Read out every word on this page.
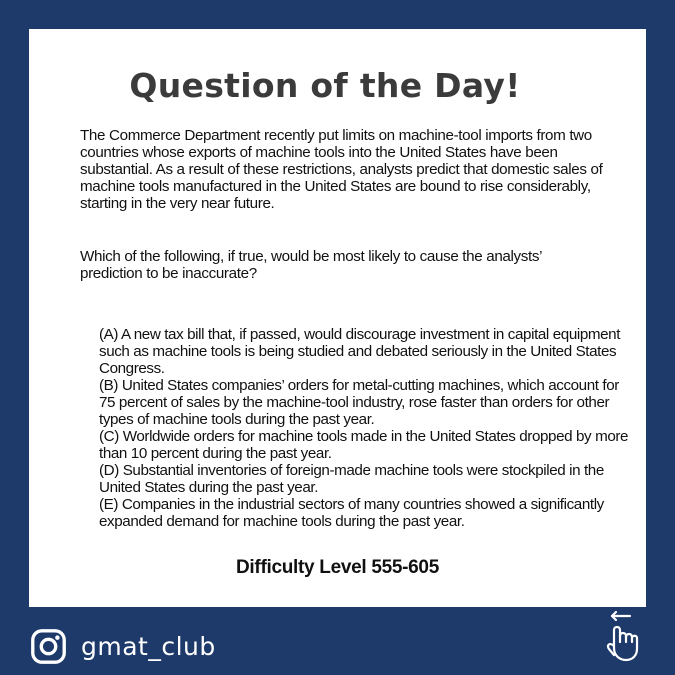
Question of the Day!

The Commerce Department recently put limits on machine-tool imports from two countries whose exports of machine tools into the United States have been substantial. As a result of these restrictions, analysts predict that domestic sales of machine tools manufactured in the United States are bound to rise considerably, starting in the very near future.

Which of the following, if true, would be most likely to cause the analysts’ prediction to be inaccurate?

(A) A new tax bill that, if passed, would discourage investment in capital equipment such as machine tools is being studied and debated seriously in the United States Congress.
(B) United States companies’ orders for metal-cutting machines, which account for 75 percent of sales by the machine-tool industry, rose faster than orders for other types of machine tools during the past year.
(C) Worldwide orders for machine tools made in the United States dropped by more than 10 percent during the past year.
(D) Substantial inventories of foreign-made machine tools were stockpiled in the United States during the past year.
(E) Companies in the industrial sectors of many countries showed a significantly expanded demand for machine tools during the past year.
Difficulty Level 555-605
gmat_club
